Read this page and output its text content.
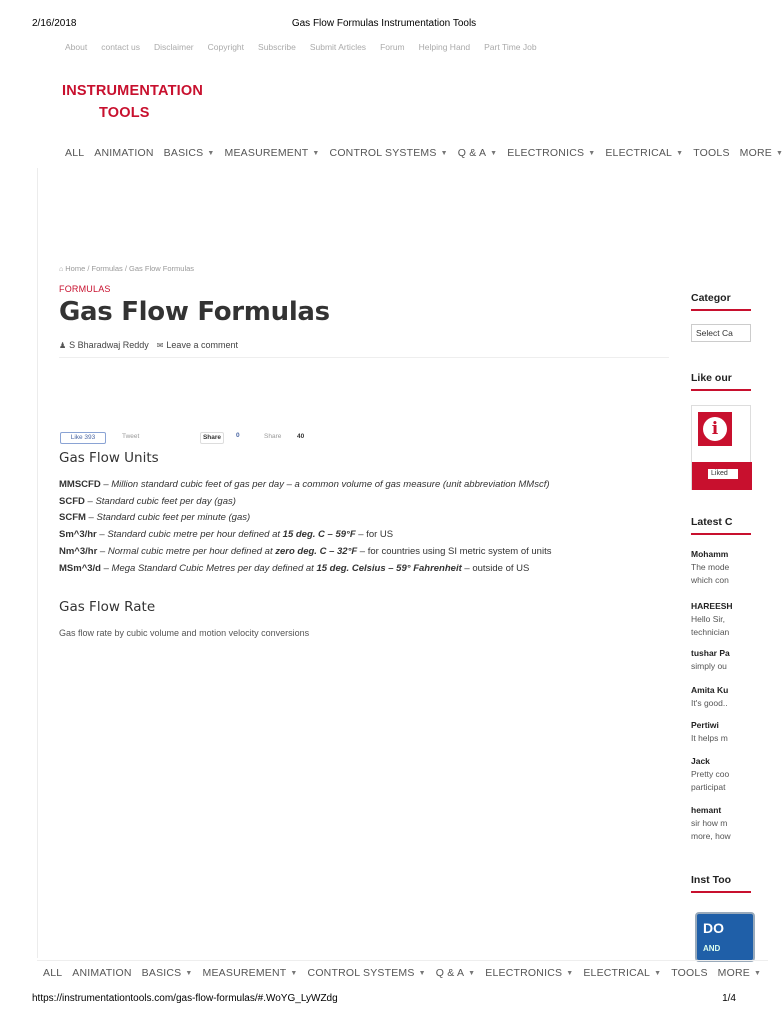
2/16/2018	Gas Flow Formulas Instrumentation Tools
About contact us Disclaimer Copyright Subscribe Submit Articles Forum Helping Hand Part Time Job
INSTRUMENTATION
TOOLS
ALL ANIMATION BASICS ▼ MEASUREMENT ▼ CONTROL SYSTEMS ▼ Q & A ▼ ELECTRONICS ▼ ELECTRICAL ▼ TOOLS MORE ▼
⌂ Home / Formulas / Gas Flow Formulas
FORMULAS
Gas Flow Formulas
♟ S Bharadwaj Reddy ✉ Leave a comment
Like 393	Tweet	Share	0	Share 40
Gas Flow Units
MMSCFD – Million standard cubic feet of gas per day – a common volume of gas measure (unit abbreviation MMscf)
SCFD – Standard cubic feet per day (gas)
SCFM – Standard cubic feet per minute (gas)
Sm^3/hr – Standard cubic metre per hour defined at 15 deg. C – 59°F – for US
Nm^3/hr – Normal cubic metre per hour defined at zero deg. C – 32°F – for countries using SI metric system of units
MSm^3/d – Mega Standard Cubic Metres per day defined at 15 deg. Celsius – 59° Fahrenheit – outside of US
Gas Flow Rate

Gas flow rate by cubic volume and motion velocity conversions

Categor
Select Ca
Like our
i
Liked
Latest C
Mohamm
The mode
which con
HAREESH
Hello Sir,
technician
tushar Pa
simply ou
Amita Ku
It's good..
Pertiwi
It helps m
Jack
Pretty coo
participat
hemant
sir how m
more, how
Inst Too
DO
AND
ALL ANIMATION BASICS ▼ MEASUREMENT ▼ CONTROL SYSTEMS ▼ Q & A ▼ ELECTRONICS ▼ ELECTRICAL ▼ TOOLS MORE ▼
https://instrumentationtools.com/gas-flow-formulas/#.WoYG_LyWZdg	1/4
